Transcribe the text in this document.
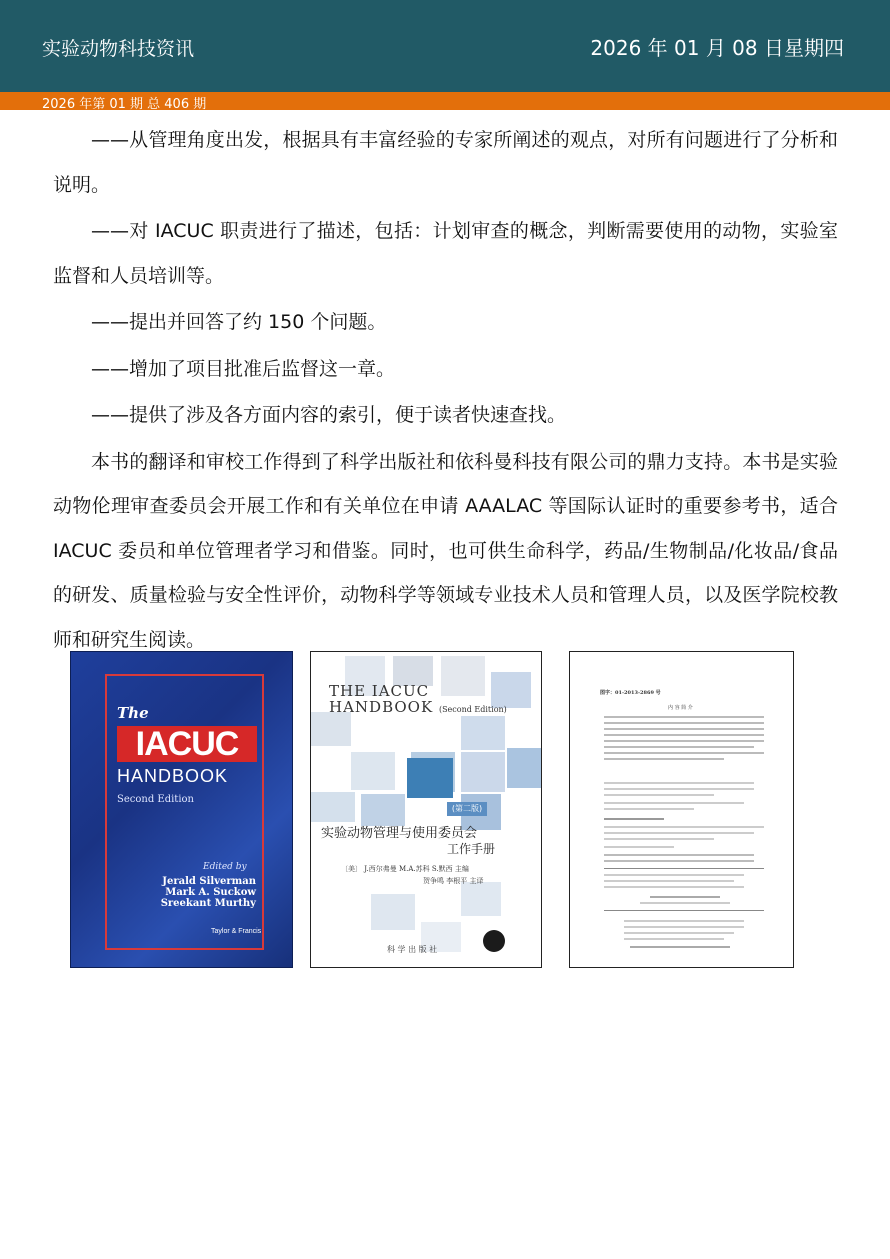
实验动物科技资讯	2026 年 01 月 08 日星期四
2026 年第 01 期 总 406 期

——从管理角度出发，根据具有丰富经验的专家所阐述的观点，对所有问题进行了分析和说明。

——对 IACUC 职责进行了描述，包括：计划审查的概念，判断需要使用的动物，实验室监督和人员培训等。

——提出并回答了约 150 个问题。

——增加了项目批准后监督这一章。

——提供了涉及各方面内容的索引，便于读者快速查找。

本书的翻译和审校工作得到了科学出版社和依科曼科技有限公司的鼎力支持。本书是实验动物伦理审查委员会开展工作和有关单位在申请 AAALAC 等国际认证时的重要参考书，适合 IACUC 委员和单位管理者学习和借鉴。同时，也可供生命科学，药品/生物制品/化妆品/食品的研发、质量检验与安全性评价，动物科学等领域专业技术人员和管理人员，以及医学院校教师和研究生阅读。

The
IACUC
HANDBOOK
Second Edition
Edited by
Jerald Silverman
Mark A. Suckow
Sreekant Murthy
Taylor & Francis
THE IACUC
HANDBOOK (Second Edition)
(第二版)
实验动物管理与使用委员会
工作手册
〔美〕 J.西尔弗曼 M.A.苏科 S.默西 主编
贺争鸣 李根平 主译
科 学 出 版 社
图字：01-2013-2869 号
内 容 简 介
